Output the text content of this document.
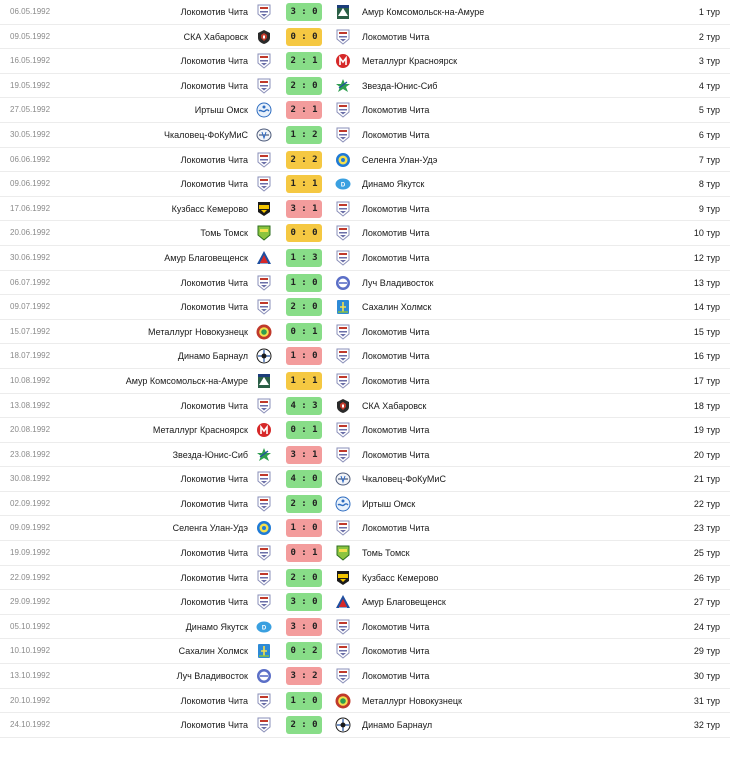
06.05.1992	Локомотив Чита	3 : 0	Амур Комсомольск-на-Амуре	1 тур
09.05.1992	СКА Хабаровск	0 : 0	Локомотив Чита	2 тур
16.05.1992	Локомотив Чита	2 : 1	Металлург Красноярск	3 тур
19.05.1992	Локомотив Чита	2 : 0	Звезда-Юнис-Сиб	4 тур
27.05.1992	Иртыш Омск	2 : 1	Локомотив Чита	5 тур
30.05.1992	Чкаловец-ФоКуМиС	1 : 2	Локомотив Чита	6 тур
06.06.1992	Локомотив Чита	2 : 2	Селенга Улан-Удэ	7 тур
09.06.1992	Локомотив Чита	1 : 1	D Динамо Якутск	8 тур
17.06.1992	Кузбасс Кемерово	3 : 1	Локомотив Чита	9 тур
20.06.1992	Томь Томск	0 : 0	Локомотив Чита	10 тур
30.06.1992	Амур Благовещенск	1 : 3	Локомотив Чита	12 тур
06.07.1992	Локомотив Чита	1 : 0	Луч Владивосток	13 тур
09.07.1992	Локомотив Чита	2 : 0	Сахалин Холмск	14 тур
15.07.1992	Металлург Новокузнецк	0 : 1	Локомотив Чита	15 тур
18.07.1992	Динамо Барнаул	1 : 0	Локомотив Чита	16 тур
10.08.1992	Амур Комсомольск-на-Амуре	1 : 1	Локомотив Чита	17 тур
13.08.1992	Локомотив Чита	4 : 3	СКА Хабаровск	18 тур
20.08.1992	Металлург Красноярск	0 : 1	Локомотив Чита	19 тур
23.08.1992	Звезда-Юнис-Сиб	3 : 1	Локомотив Чита	20 тур
30.08.1992	Локомотив Чита	4 : 0	Чкаловец-ФоКуМиС	21 тур
02.09.1992	Локомотив Чита	2 : 0	Иртыш Омск	22 тур
09.09.1992	Селенга Улан-Удэ	1 : 0	Локомотив Чита	23 тур
19.09.1992	Локомотив Чита	0 : 1	Томь Томск	25 тур
22.09.1992	Локомотив Чита	2 : 0	Кузбасс Кемерово	26 тур
29.09.1992	Локомотив Чита	3 : 0	Амур Благовещенск	27 тур
05.10.1992	Динамо Якутск D	3 : 0	Локомотив Чита	24 тур
10.10.1992	Сахалин Холмск	0 : 2	Локомотив Чита	29 тур
13.10.1992	Луч Владивосток	3 : 2	Локомотив Чита	30 тур
20.10.1992	Локомотив Чита	1 : 0	Металлург Новокузнецк	31 тур
24.10.1992	Локомотив Чита	2 : 0	Динамо Барнаул	32 тур
